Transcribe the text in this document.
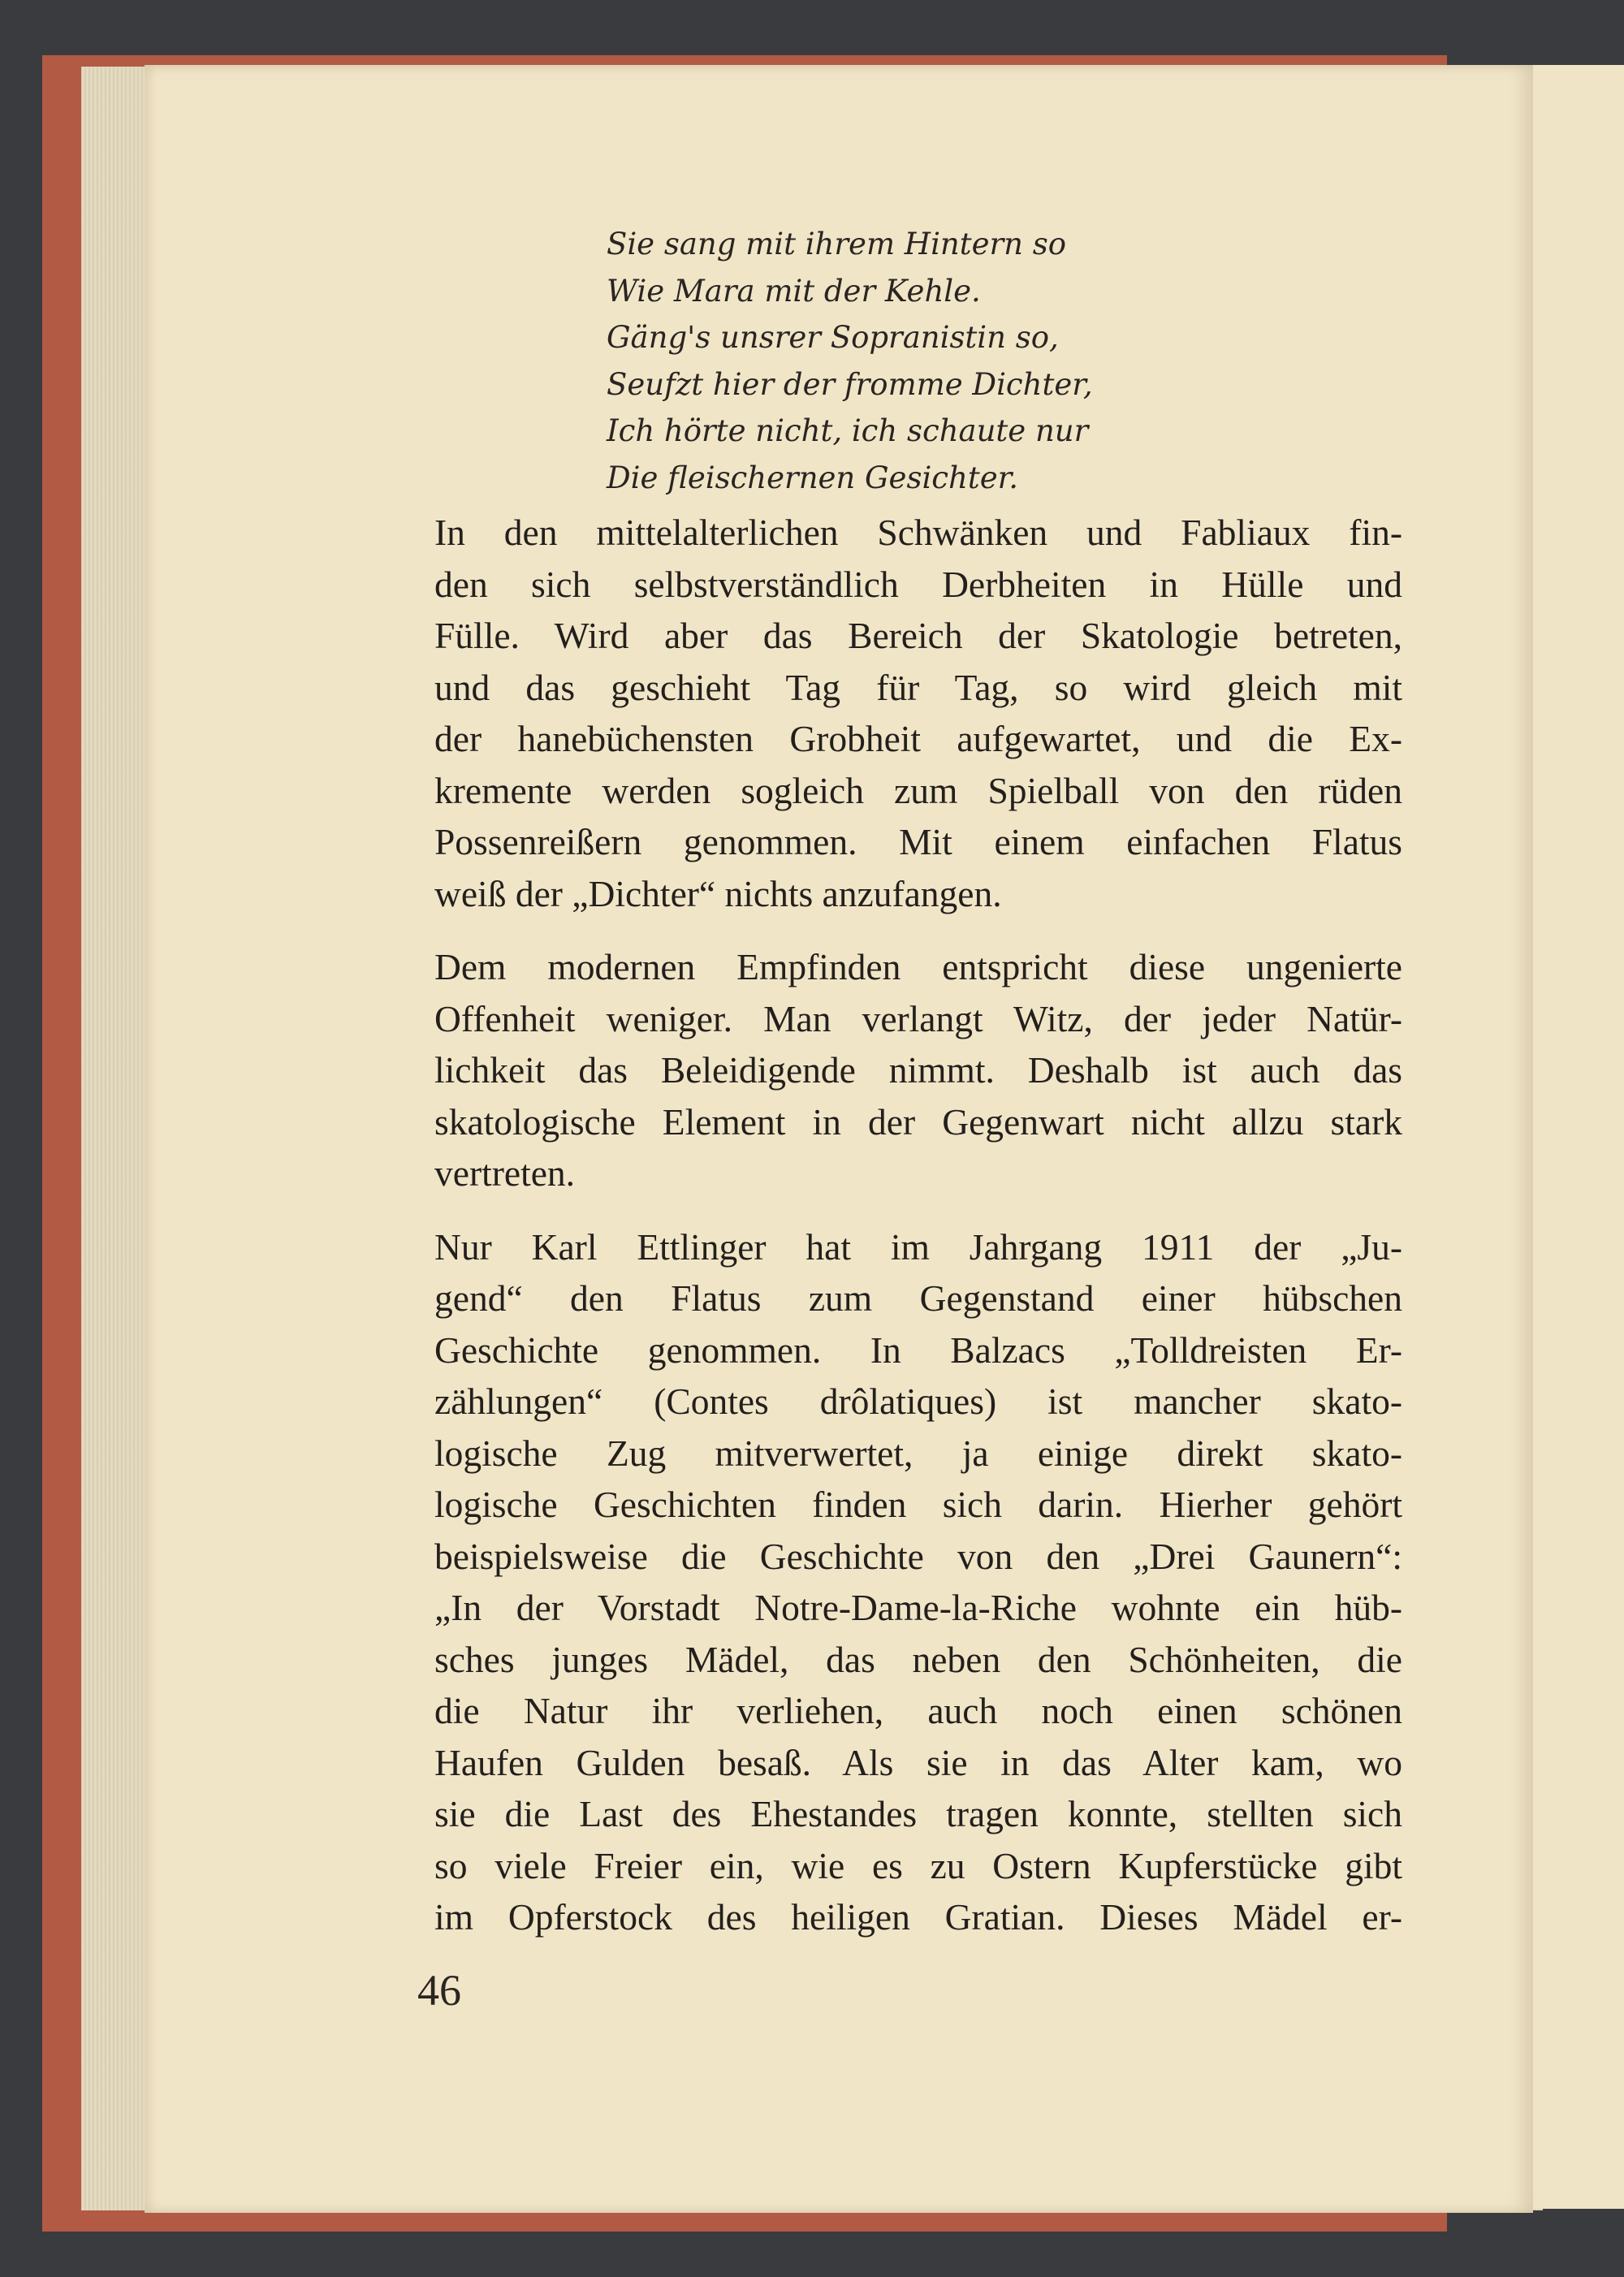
Sie sang mit ihrem Hintern so
Wie Mara mit der Kehle.
Gäng's unsrer Sopranistin so,
Seufzt hier der fromme Dichter,
Ich hörte nicht, ich schaute nur
Die fleischernen Gesichter.

In den mittelalterlichen Schwänken und Fabliaux fin-
den sich selbstverständlich Derbheiten in Hülle und
Fülle. Wird aber das Bereich der Skatologie betreten,
und das geschieht Tag für Tag, so wird gleich mit
der hanebüchensten Grobheit aufgewartet, und die Ex-
kremente werden sogleich zum Spielball von den rüden
Possenreißern genommen. Mit einem einfachen Flatus
weiß der „Dichter“ nichts anzufangen.

Dem modernen Empfinden entspricht diese ungenierte
Offenheit weniger. Man verlangt Witz, der jeder Natür-
lichkeit das Beleidigende nimmt. Deshalb ist auch das
skatologische Element in der Gegenwart nicht allzu stark
vertreten.

Nur Karl Ettlinger hat im Jahrgang 1911 der „Ju-
gend“ den Flatus zum Gegenstand einer hübschen
Geschichte genommen. In Balzacs „Tolldreisten Er-
zählungen“ (Contes drôlatiques) ist mancher skato-
logische Zug mitverwertet, ja einige direkt skato-
logische Geschichten finden sich darin. Hierher gehört
beispielsweise die Geschichte von den „Drei Gaunern“:
„In der Vorstadt Notre-Dame-la-Riche wohnte ein hüb-
sches junges Mädel, das neben den Schönheiten, die
die Natur ihr verliehen, auch noch einen schönen
Haufen Gulden besaß. Als sie in das Alter kam, wo
sie die Last des Ehestandes tragen konnte, stellten sich
so viele Freier ein, wie es zu Ostern Kupferstücke gibt
im Opferstock des heiligen Gratian. Dieses Mädel er-

46
